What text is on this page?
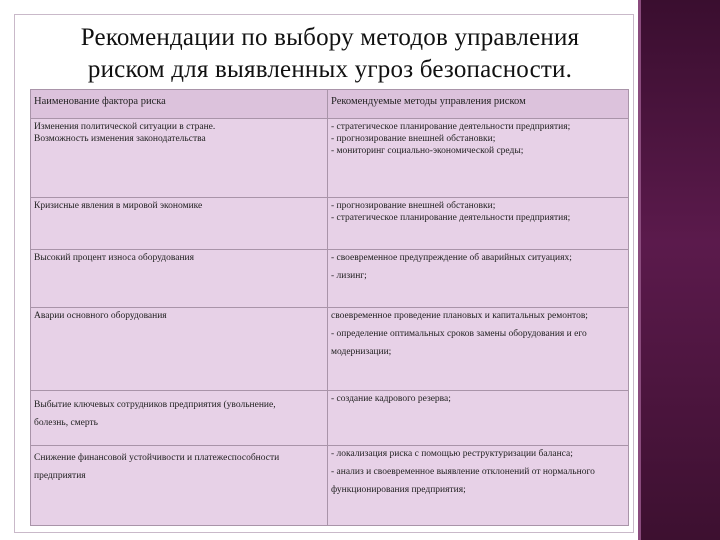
Рекомендации по выбору методов управления
риском для выявленных угроз безопасности.
Наименование фактора риска	Рекомендуемые методы управления риском

Изменения политической ситуации в стране.
Возможность изменения законодательства	- стратегическое планирование деятельности предприятия;
- прогнозирование внешней обстановки;
- мониторинг социально-экономической среды;

Кризисные явления в мировой экономике	- прогнозирование внешней обстановки;
- стратегическое планирование деятельности предприятия;

Высокий процент износа оборудования	- своевременное предупреждение об аварийных ситуациях;
- лизинг;

Аварии основного оборудования	своевременное проведение плановых и капитальных ремонтов;
- определение оптимальных сроков замены оборудования и его
модернизации;

Выбытие ключевых сотрудников предприятия (увольнение,
болезнь, смерть	- создание кадрового резерва;

Снижение финансовой устойчивости и платежеспособности
предприятия	- локализация риска с помощью реструктуризации баланса;
- анализ и своевременное выявление отклонений от нормального
функционирования предприятия;
